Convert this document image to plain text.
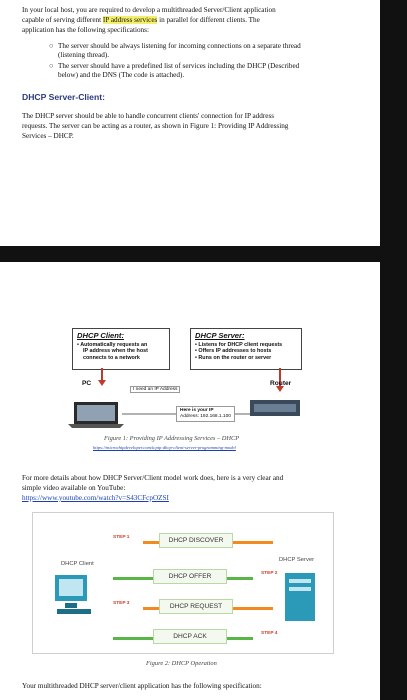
In your local host, you are required to develop a multithreaded Server/Client application
capable of serving different IP address services in parallel for different clients. The
application has the following specifications:
○ The server should be always listening for incoming connections on a separate thread
(listening thread).
○ The server should have a predefined list of services including the DHCP (Described
below) and the DNS (The code is attached).
DHCP Server-Client:
The DHCP server should be able to handle concurrent clients' connection for IP address
requests. The server can be acting as a router, as shown in Figure 1: Providing IP Addressing
Services – DHCP.
DHCP Client:
• Automatically requests an
IP address when the host
connects to a network
DHCP Server:
• Listens for DHCP client requests
• Offers IP addresses to hosts
• Runs on the router or server
PC	Router
I need an IP Address
Here is your IP
Address: 192.168.1.100
Figure 1: Providing IP Addressing Services – DHCP
https://microchipdeveloper.com/tcpip:dhcp-client-server-programming-model
For more details about how DHCP Server/Client model work does, here is a very clear and
simple video available on YouTube:
https://www.youtube.com/watch?v=S43CFcpOZSI
DHCP Client
DHCP Server
STEP 1	DHCP DISCOVER
STEP 2
DHCP OFFER
STEP 3	DHCP REQUEST
STEP 4
DHCP ACK
Figure 2: DHCP Operation
Your multithreaded DHCP server/client application has the following specification:
